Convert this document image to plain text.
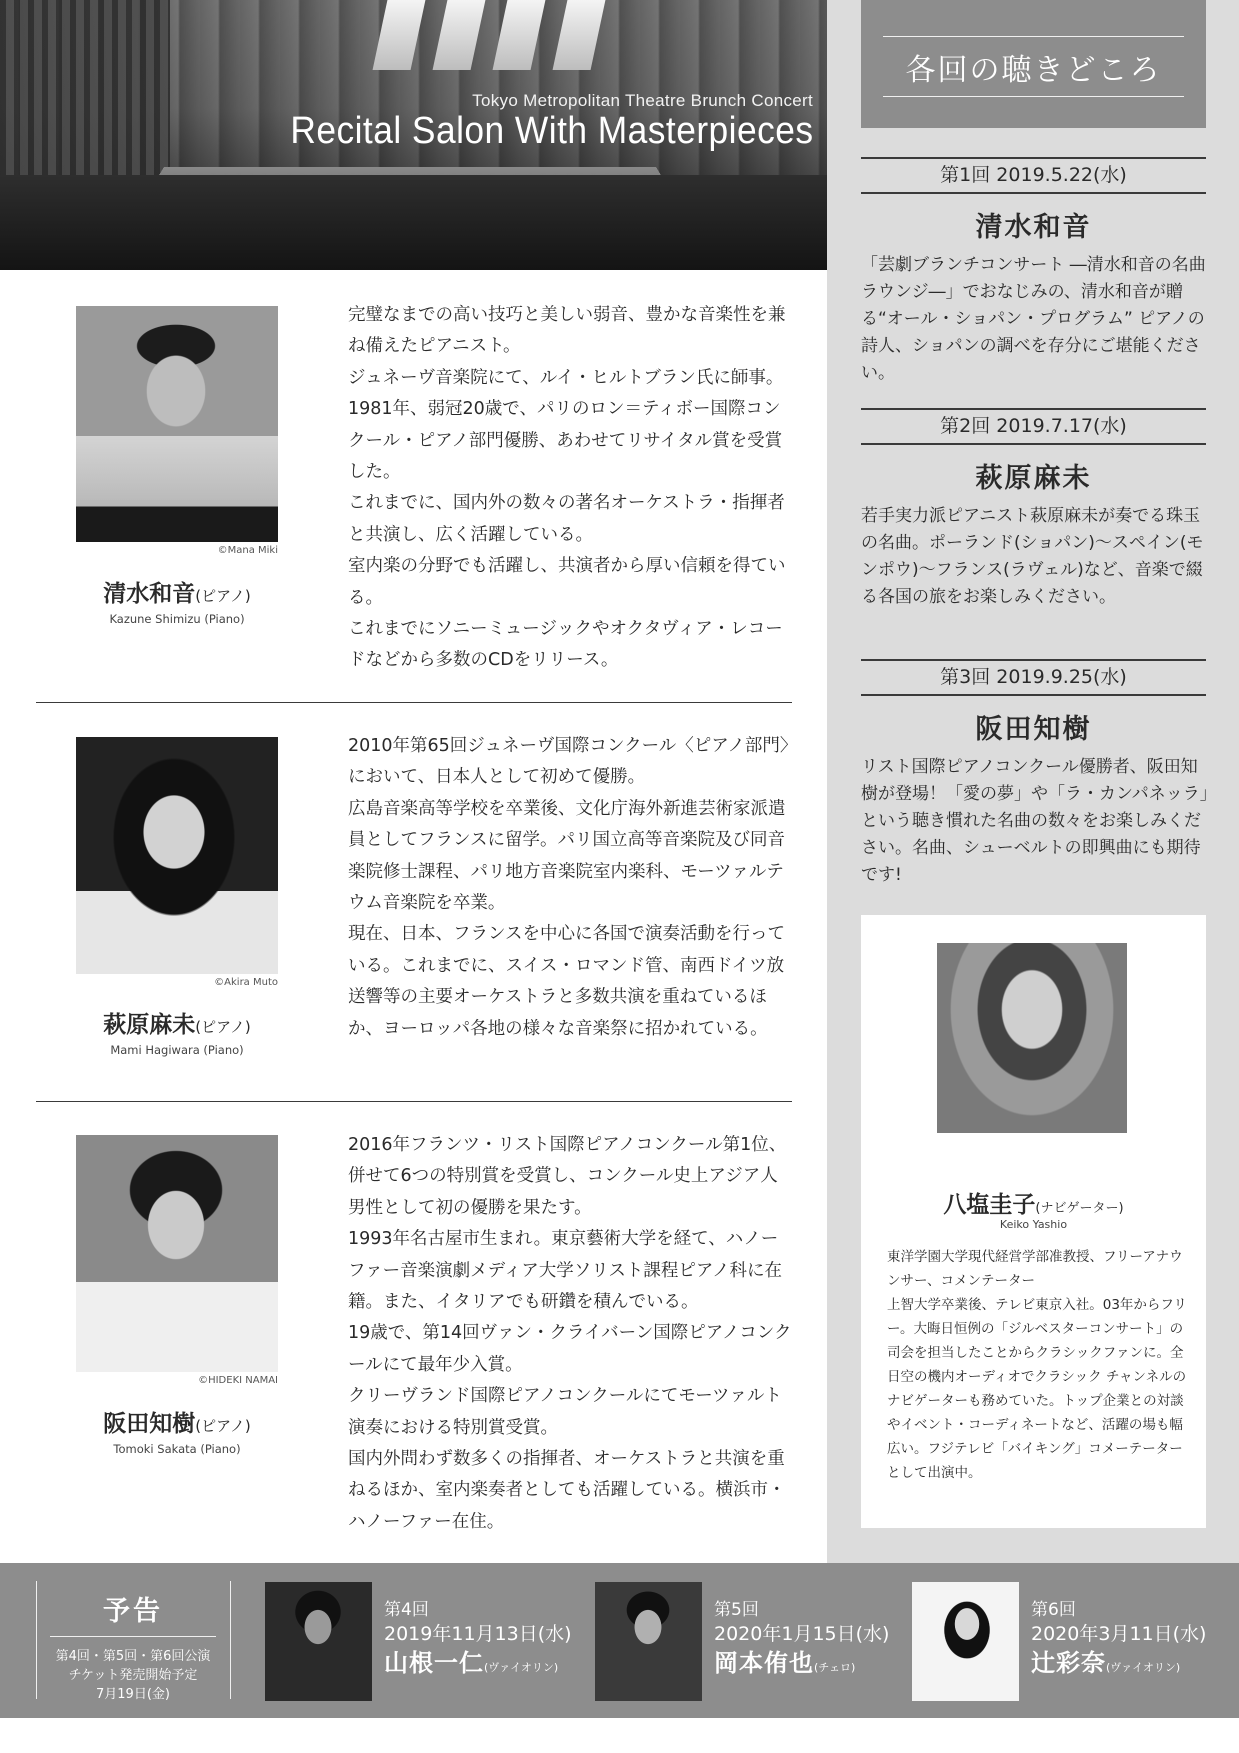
Tokyo Metropolitan Theatre Brunch Concert
Recital Salon With Masterpieces
©Mana Miki
清水和音(ピアノ)
Kazune Shimizu (Piano)

完璧なまでの高い技巧と美しい弱音、豊かな音楽性を兼ね備えたピアニスト。

ジュネーヴ音楽院にて、ルイ・ヒルトブラン氏に師事。1981年、弱冠20歳で、パリのロン＝ティボー国際コンクール・ピアノ部門優勝、あわせてリサイタル賞を受賞した。

これまでに、国内外の数々の著名オーケストラ・指揮者と共演し、広く活躍している。

室内楽の分野でも活躍し、共演者から厚い信頼を得ている。

これまでにソニーミュージックやオクタヴィア・レコードなどから多数のCDをリリース。

©Akira Muto
萩原麻未(ピアノ)
Mami Hagiwara (Piano)

2010年第65回ジュネーヴ国際コンクール〈ピアノ部門〉において、日本人として初めて優勝。

広島音楽高等学校を卒業後、文化庁海外新進芸術家派遣員としてフランスに留学。パリ国立高等音楽院及び同音楽院修士課程、パリ地方音楽院室内楽科、モーツァルテウム音楽院を卒業。

現在、日本、フランスを中心に各国で演奏活動を行っている。これまでに、スイス・ロマンド管、南西ドイツ放送響等の主要オーケストラと多数共演を重ねているほか、ヨーロッパ各地の様々な音楽祭に招かれている。

©HIDEKI NAMAI
阪田知樹(ピアノ)
Tomoki Sakata (Piano)

2016年フランツ・リスト国際ピアノコンクール第1位、併せて6つの特別賞を受賞し、コンクール史上アジア人男性として初の優勝を果たす。

1993年名古屋市生まれ。東京藝術大学を経て、ハノーファー音楽演劇メディア大学ソリスト課程ピアノ科に在籍。また、イタリアでも研鑽を積んでいる。

19歳で、第14回ヴァン・クライバーン国際ピアノコンクールにて最年少入賞。

クリーヴランド国際ピアノコンクールにてモーツァルト演奏における特別賞受賞。

国内外問わず数多くの指揮者、オーケストラと共演を重ねるほか、室内楽奏者としても活躍している。横浜市・ハノーファー在住。

各回の聴きどころ
第1回 2019.5.22(水)
清水和音
「芸劇ブランチコンサート ―清水和音の名曲ラウンジ―」でおなじみの、清水和音が贈る“オール・ショパン・プログラム” ピアノの詩人、ショパンの調べを存分にご堪能ください。
第2回 2019.7.17(水)
萩原麻未
若手実力派ピアニスト萩原麻未が奏でる珠玉の名曲。ポーランド(ショパン)〜スペイン(モンポウ)〜フランス(ラヴェル)など、音楽で綴る各国の旅をお楽しみください。
第3回 2019.9.25(水)
阪田知樹
リスト国際ピアノコンクール優勝者、阪田知樹が登場！「愛の夢」や「ラ・カンパネッラ」という聴き慣れた名曲の数々をお楽しみください。名曲、シューベルトの即興曲にも期待です!
八塩圭子(ナビゲーター)
Keiko Yashio

東洋学園大学現代経営学部准教授、フリーアナウンサー、コメンテーター

上智大学卒業後、テレビ東京入社。03年からフリー。大晦日恒例の「ジルベスターコンサート」の司会を担当したことからクラシックファンに。全日空の機内オーディオでクラシック チャンネルのナビゲーターも務めていた。トップ企業との対談やイベント・コーディネートなど、活躍の場も幅広い。フジテレビ「バイキング」コメーテーターとして出演中。

予告
第4回・第5回・第6回公演
チケット発売開始予定
7月19日(金)
第4回
2019年11月13日(水)
山根一仁(ヴァイオリン)
第5回
2020年1月15日(水)
岡本侑也(チェロ)
第6回
2020年3月11日(水)
辻彩奈(ヴァイオリン)
